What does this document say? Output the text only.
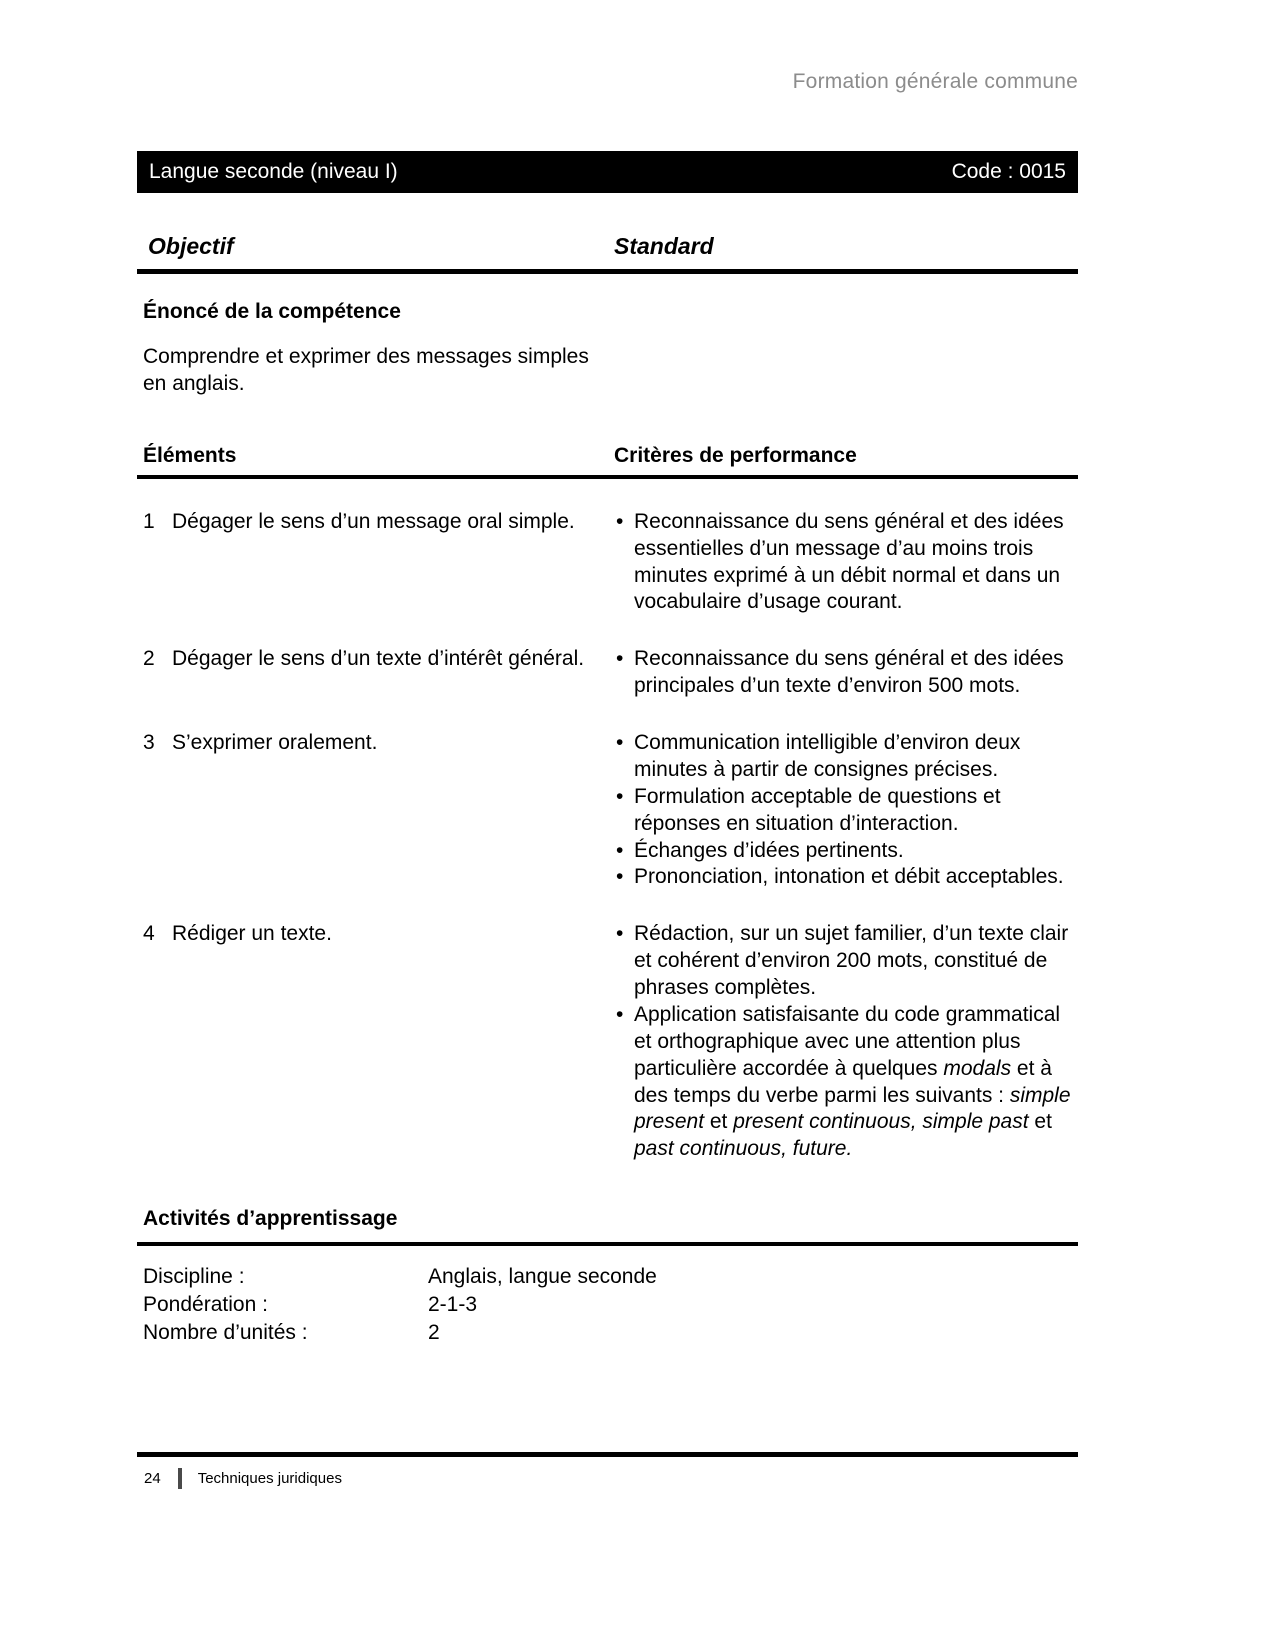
Formation générale commune
Langue seconde (niveau I)	Code : 0015
Objectif	Standard
Énoncé de la compétence
Comprendre et exprimer des messages simples en anglais.
Éléments	Critères de performance
1 Dégager le sens d’un message oral simple.	• Reconnaissance du sens général et des idées essentielles d’un message d’au moins trois minutes exprimé à un débit normal et dans un vocabulaire d’usage courant.
2 Dégager le sens d’un texte d’intérêt général.	• Reconnaissance du sens général et des idées principales d’un texte d’environ 500 mots.
3 S’exprimer oralement.	• Communication intelligible d’environ deux minutes à partir de consignes précises.
• Formulation acceptable de questions et réponses en situation d’interaction.
• Échanges d’idées pertinents.
• Prononciation, intonation et débit acceptables.
4 Rédiger un texte.	• Rédaction, sur un sujet familier, d’un texte clair et cohérent d’environ 200 mots, constitué de phrases complètes.
• Application satisfaisante du code grammatical et orthographique avec une attention plus particulière accordée à quelques modals et à des temps du verbe parmi les suivants : simple present et present continuous, simple past et past continuous, future.
Activités d’apprentissage
Discipline :	Anglais, langue seconde
Pondération :	2-1-3
Nombre d’unités :	2
24 Techniques juridiques
